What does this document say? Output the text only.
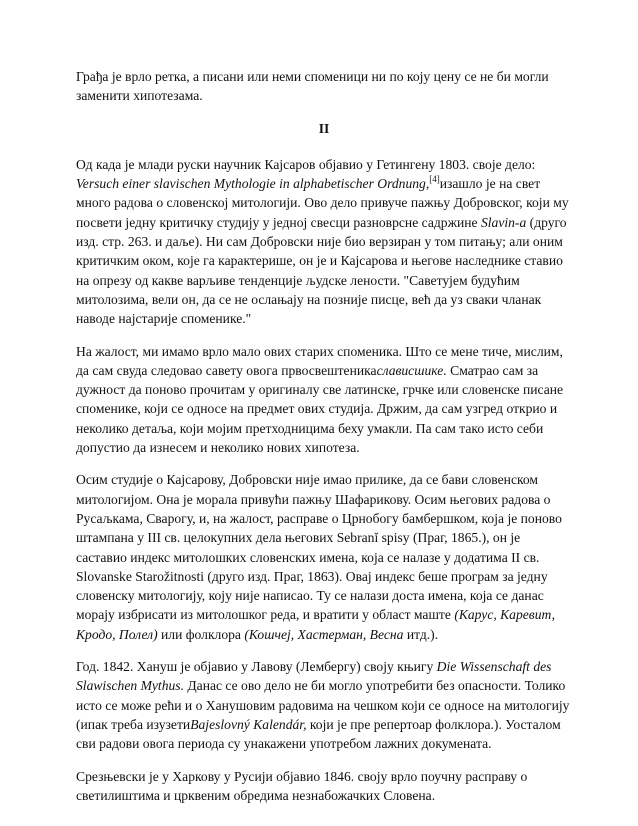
Грађа је врло ретка, а писани или неми споменици ни по коју цену се не би могли заменити хипотезама.

II

Од када је млади руски научник Кајсаров објавио у Гетингену 1803. своје дело: Versuch einer slavischen Mythologie in alphabetischer Ordnung,[4]изашло је на свет много радова о словенској митологији. Ово дело привуче пажњу Добровског, који му посвети једну критичку студију у једној свесци разноврсне садржине Slavin-a (друго изд. стр. 263. и даље). Ни сам Добровски није био верзиран у том питању; али оним критичким оком, које га карактерише, он је и Кајсарова и његове наследнике ставио на опрезу од какве варљиве тенденције људске лености. "Саветујем будућим митолозима, вели он, да се не ослањају на позније писце, већ да уз сваки чланак наводе најстарије споменике."

На жалост, ми имамо врло мало ових старих споменика. Што се мене тиче, мислим, да сам свуда следовао савету овога првосвештеникаслависшике. Сматрао сам за дужност да поново прочитам у оригиналу све латинске, грчке или словенске писане споменике, који се односе на предмет ових студија. Држим, да сам узгред открио и неколико детаља, који мојим претходницима беху умакли. Па сам тако исто себи допустио да изнесем и неколико нових хипотеза.

Осим студије о Кајсарову, Добровски није имао прилике, да се бави словенском митологијом. Она је морала привући пажњу Шафарикову. Осим његових радова о Русаљкама, Сварогу, и, на жалост, расправе о Црнобогу бамбершком, која је поново штампана у III св. целокупних дела његових Sebranĭ spisy (Праг, 1865.), он је саставио индекс митолошких словенских имена, која се налазе у додатима II св. Slovanske Starožitnosti (друго изд. Праг, 1863). Овај индекс беше програм за једну словенску митологију, коју није написао. Ту се налази доста имена, која се данас морају избрисати из митолошког реда, и вратити у област маште (Карус, Каревит, Кродо, Полел) или фолклора (Кошчеј, Хастерман, Весна итд.).

Год. 1842. Хануш је објавио у Лавову (Лембергу) своју књигу Die Wissenschaft des Slawischen Mythus. Данас се ово дело не би могло употребити без опасности. Толико исто се може рећи и о Ханушовим радовима на чешком који се односе на митологију (ипак треба изузетиBajeslovný Kalendár, који је пре репертоар фолклора.). Уосталом сви радови овога периода су унакажени употребом лажних докумената.

Срезњевски је у Харкову у Русији објавио 1846. своју врло поучну расправу о светилиштима и црквеним обредима незнабожачких Словена.
